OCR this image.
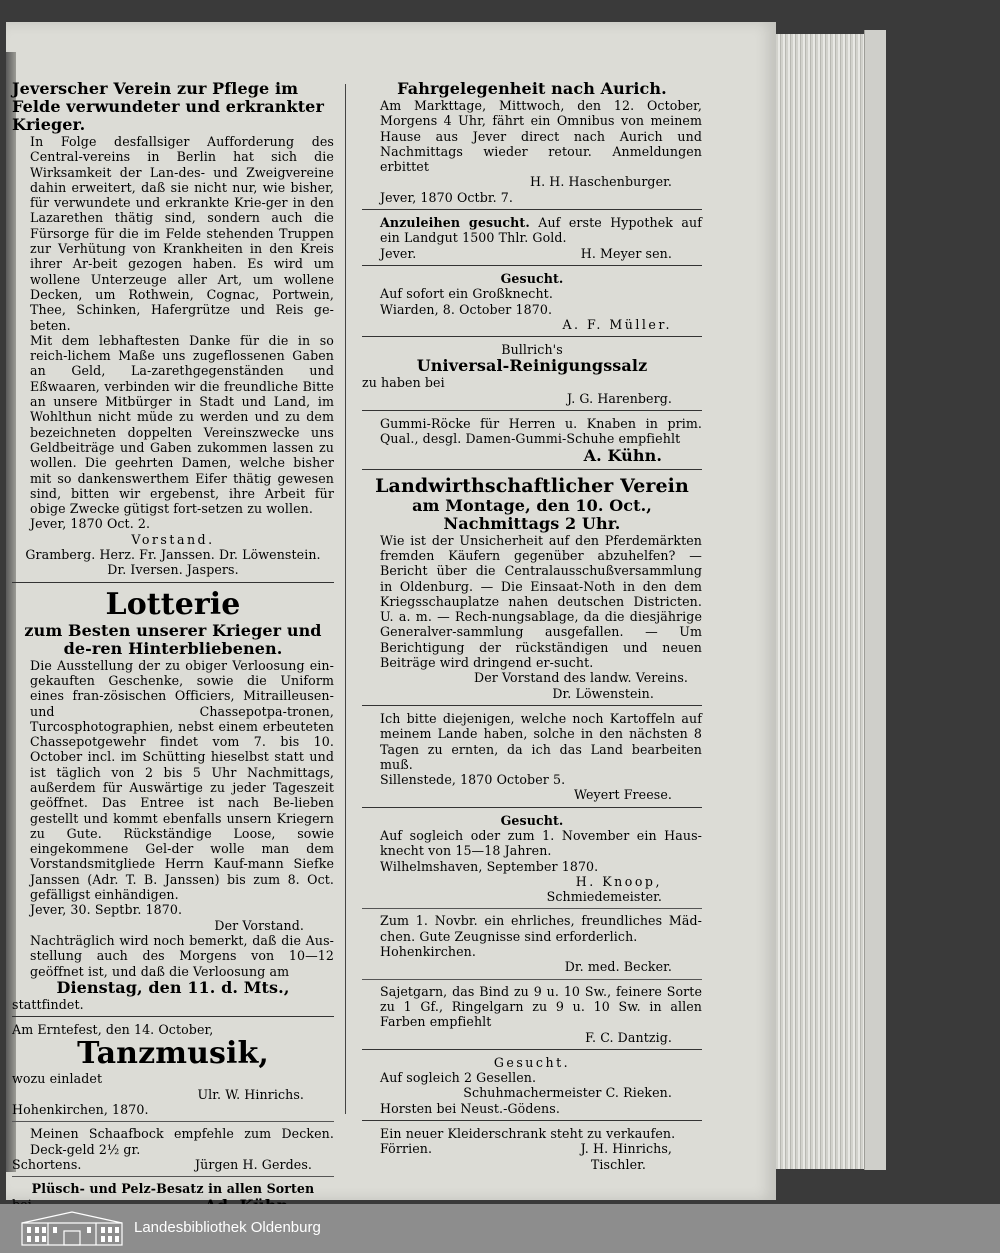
Jeverscher Verein zur Pflege im Felde verwundeter und erkrankter Krieger.
In Folge desfallsiger Aufforderung des Central-vereins in Berlin hat sich die Wirksamkeit der Lan-des- und Zweigvereine dahin erweitert, daß sie nicht nur, wie bisher, für verwundete und erkrankte Krie-ger in den Lazarethen thätig sind, sondern auch die Fürsorge für die im Felde stehenden Truppen zur Verhütung von Krankheiten in den Kreis ihrer Ar-beit gezogen haben. Es wird um wollene Unterzeuge aller Art, um wollene Decken, um Rothwein, Cognac, Portwein, Thee, Schinken, Hafergrütze und Reis ge-beten.
Mit dem lebhaftesten Danke für die in so reich-lichem Maße uns zugeflossenen Gaben an Geld, La-zarethgegenständen und Eßwaaren, verbinden wir die freundliche Bitte an unsere Mitbürger in Stadt und Land, im Wohlthun nicht müde zu werden und zu dem bezeichneten doppelten Vereinszwecke uns Geldbeiträge und Gaben zukommen lassen zu wollen. Die geehrten Damen, welche bisher mit so dankenswerthem Eifer thätig gewesen sind, bitten wir ergebenst, ihre Arbeit für obige Zwecke gütigst fort-setzen zu wollen.
Jever, 1870 Oct. 2.
Vorstand.
Gramberg. Herz. Fr. Janssen. Dr. Löwenstein.
Dr. Iversen. Jaspers.
Lotterie
zum Besten unserer Krieger und de-ren Hinterbliebenen.
Die Ausstellung der zu obiger Verloosung ein-gekauften Geschenke, sowie die Uniform eines fran-zösischen Officiers, Mitrailleusen- und Chassepotpa-tronen, Turcosphotographien, nebst einem erbeuteten Chassepotgewehr findet vom 7. bis 10. October incl. im Schütting hieselbst statt und ist täglich von 2 bis 5 Uhr Nachmittags, außerdem für Auswärtige zu jeder Tageszeit geöffnet. Das Entree ist nach Be-lieben gestellt und kommt ebenfalls unsern Kriegern zu Gute. Rückständige Loose, sowie eingekommene Gel-der wolle man dem Vorstandsmitgliede Herrn Kauf-mann Siefke Janssen (Adr. T. B. Janssen) bis zum 8. Oct. gefälligst einhändigen.
Jever, 30. Septbr. 1870.
Der Vorstand.
Nachträglich wird noch bemerkt, daß die Aus-stellung auch des Morgens von 10—12 geöffnet ist, und daß die Verloosung am
Dienstag, den 11. d. Mts.,
stattfindet.
Am Erntefest, den 14. October,
Tanzmusik,
wozu einladet
Ulr. W. Hinrichs.
Hohenkirchen, 1870.
Meinen Schaafbock empfehle zum Decken. Deck-geld 2½ gr.
Schortens.	Jürgen H. Gerdes.
Plüsch- und Pelz-Besatz in allen Sorten
Fahrgelegenheit nach Aurich.
Am Markttage, Mittwoch, den 12. October, Morgens 4 Uhr, fährt ein Omnibus von meinem Hause aus Jever direct nach Aurich und Nachmittags wieder retour. Anmeldungen erbittet
H. H. Haschenburger.
Jever, 1870 Octbr. 7.
Anzuleihen gesucht. Auf erste Hypothek auf ein Landgut 1500 Thlr. Gold.
Jever.	H. Meyer sen.
Gesucht.
Auf sofort ein Großknecht.
Wiarden, 8. October 1870.
A. F. Müller.
Bullrich's
Universal-Reinigungssalz
zu haben bei
J. G. Harenberg.
Gummi-Röcke für Herren u. Knaben in prim. Qual., desgl. Damen-Gummi-Schuhe empfiehlt
A. Kühn.
Landwirthschaftlicher Verein
am Montage, den 10. Oct.,
Nachmittags 2 Uhr.
Wie ist der Unsicherheit auf den Pferdemärkten fremden Käufern gegenüber abzuhelfen? — Bericht über die Centralausschußversammlung in Oldenburg. — Die Einsaat-Noth in den dem Kriegsschauplatze nahen deutschen Districten. U. a. m. — Rech-nungsablage, da die diesjährige Generalver-sammlung ausgefallen. — Um Berichtigung der rückständigen und neuen Beiträge wird dringend er-sucht.
Der Vorstand des landw. Vereins.
Dr. Löwenstein.
Ich bitte diejenigen, welche noch Kartoffeln auf meinem Lande haben, solche in den nächsten 8 Tagen zu ernten, da ich das Land bearbeiten muß.
Sillenstede, 1870 October 5.
Weyert Freese.
Gesucht.
Auf sogleich oder zum 1. November ein Haus-knecht von 15—18 Jahren.
Wilhelmshaven, September 1870.
H. Knoop,
Schmiedemeister.
Zum 1. Novbr. ein ehrliches, freundliches Mäd-chen. Gute Zeugnisse sind erforderlich.
Hohenkirchen.
Dr. med. Becker.
Sajetgarn, das Bind zu 9 u. 10 Sw., feinere Sorte zu 1 Gf., Ringelgarn zu 9 u. 10 Sw. in allen Farben empfiehlt
F. C. Dantzig.
Gesucht.
Auf sogleich 2 Gesellen.
Schuhmachermeister C. Rieken.
Horsten bei Neust.-Gödens.
Ein neuer Kleiderschrank steht zu verkaufen.
Förrien.	J. H. Hinrichs,
Tischler.
Landesbibliothek Oldenburg
